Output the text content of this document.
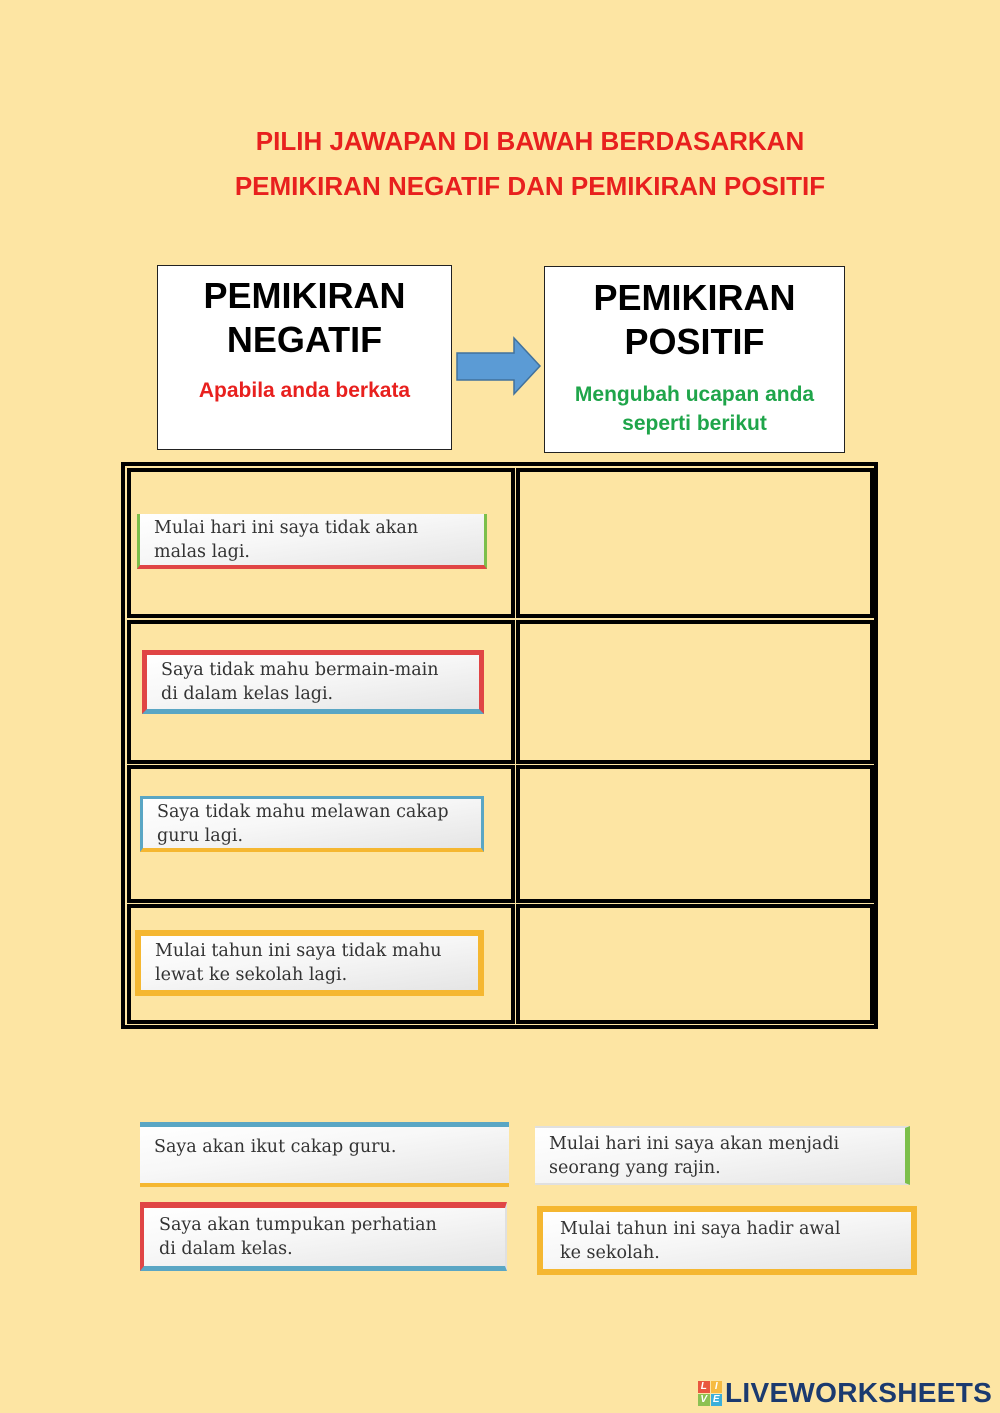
PILIH JAWAPAN DI BAWAH BERDASARKAN
PEMIKIRAN NEGATIF DAN PEMIKIRAN POSITIF
PEMIKIRAN
NEGATIF
Apabila anda berkata
PEMIKIRAN
POSITIF
Mengubah ucapan anda
seperti berikut
Mulai hari ini saya tidak akan
malas lagi.
Saya tidak mahu bermain-main
di dalam kelas lagi.
Saya tidak mahu melawan cakap
guru lagi.
Mulai tahun ini saya tidak mahu
lewat ke sekolah lagi.
Saya akan ikut cakap guru.	Mulai hari ini saya akan menjadi
seorang yang rajin.
Saya akan tumpukan perhatian
di dalam kelas.
Mulai tahun ini saya hadir awal
ke sekolah.
L I
V E LIVEWORKSHEETS
